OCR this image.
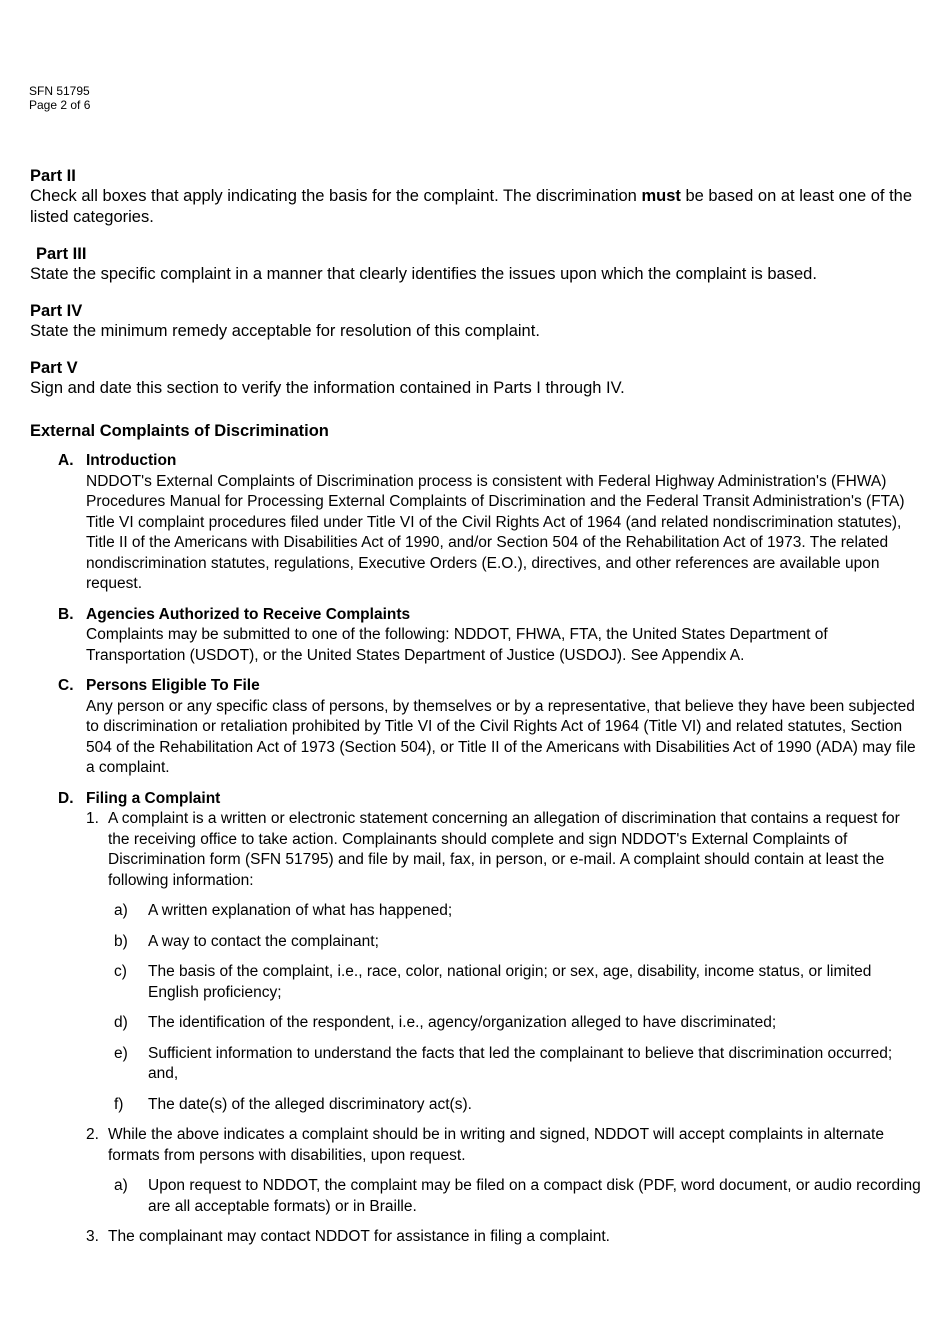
SFN 51795
Page 2 of 6
Part II
Check all boxes that apply indicating the basis for the complaint. The discrimination must be based on at least one of the listed categories.
Part III
State the specific complaint in a manner that clearly identifies the issues upon which the complaint is based.
Part IV
State the minimum remedy acceptable for resolution of this complaint.
Part V
Sign and date this section to verify the information contained in Parts I through IV.
External Complaints of Discrimination
A. Introduction
NDDOT's External Complaints of Discrimination process is consistent with Federal Highway Administration's (FHWA) Procedures Manual for Processing External Complaints of Discrimination and the Federal Transit Administration's (FTA) Title VI complaint procedures filed under Title VI of the Civil Rights Act of 1964 (and related nondiscrimination statutes), Title II of the Americans with Disabilities Act of 1990, and/or Section 504 of the Rehabilitation Act of 1973. The related nondiscrimination statutes, regulations, Executive Orders (E.O.), directives, and other references are available upon request.
B. Agencies Authorized to Receive Complaints
Complaints may be submitted to one of the following: NDDOT, FHWA, FTA, the United States Department of Transportation (USDOT), or the United States Department of Justice (USDOJ). See Appendix A.
C. Persons Eligible To File
Any person or any specific class of persons, by themselves or by a representative, that believe they have been subjected to discrimination or retaliation prohibited by Title VI of the Civil Rights Act of 1964 (Title VI) and related statutes, Section 504 of the Rehabilitation Act of 1973 (Section 504), or Title II of the Americans with Disabilities Act of 1990 (ADA) may file a complaint.
D. Filing a Complaint
1. A complaint is a written or electronic statement concerning an allegation of discrimination that contains a request for the receiving office to take action. Complainants should complete and sign NDDOT's External Complaints of Discrimination form (SFN 51795) and file by mail, fax, in person, or e-mail. A complaint should contain at least the following information:
a) A written explanation of what has happened;
b) A way to contact the complainant;
c) The basis of the complaint, i.e., race, color, national origin; or sex, age, disability, income status, or limited English proficiency;
d) The identification of the respondent, i.e., agency/organization alleged to have discriminated;
e) Sufficient information to understand the facts that led the complainant to believe that discrimination occurred; and,
f) The date(s) of the alleged discriminatory act(s).
2. While the above indicates a complaint should be in writing and signed, NDDOT will accept complaints in alternate formats from persons with disabilities, upon request.
a) Upon request to NDDOT, the complaint may be filed on a compact disk (PDF, word document, or audio recording are all acceptable formats) or in Braille.
3. The complainant may contact NDDOT for assistance in filing a complaint.
